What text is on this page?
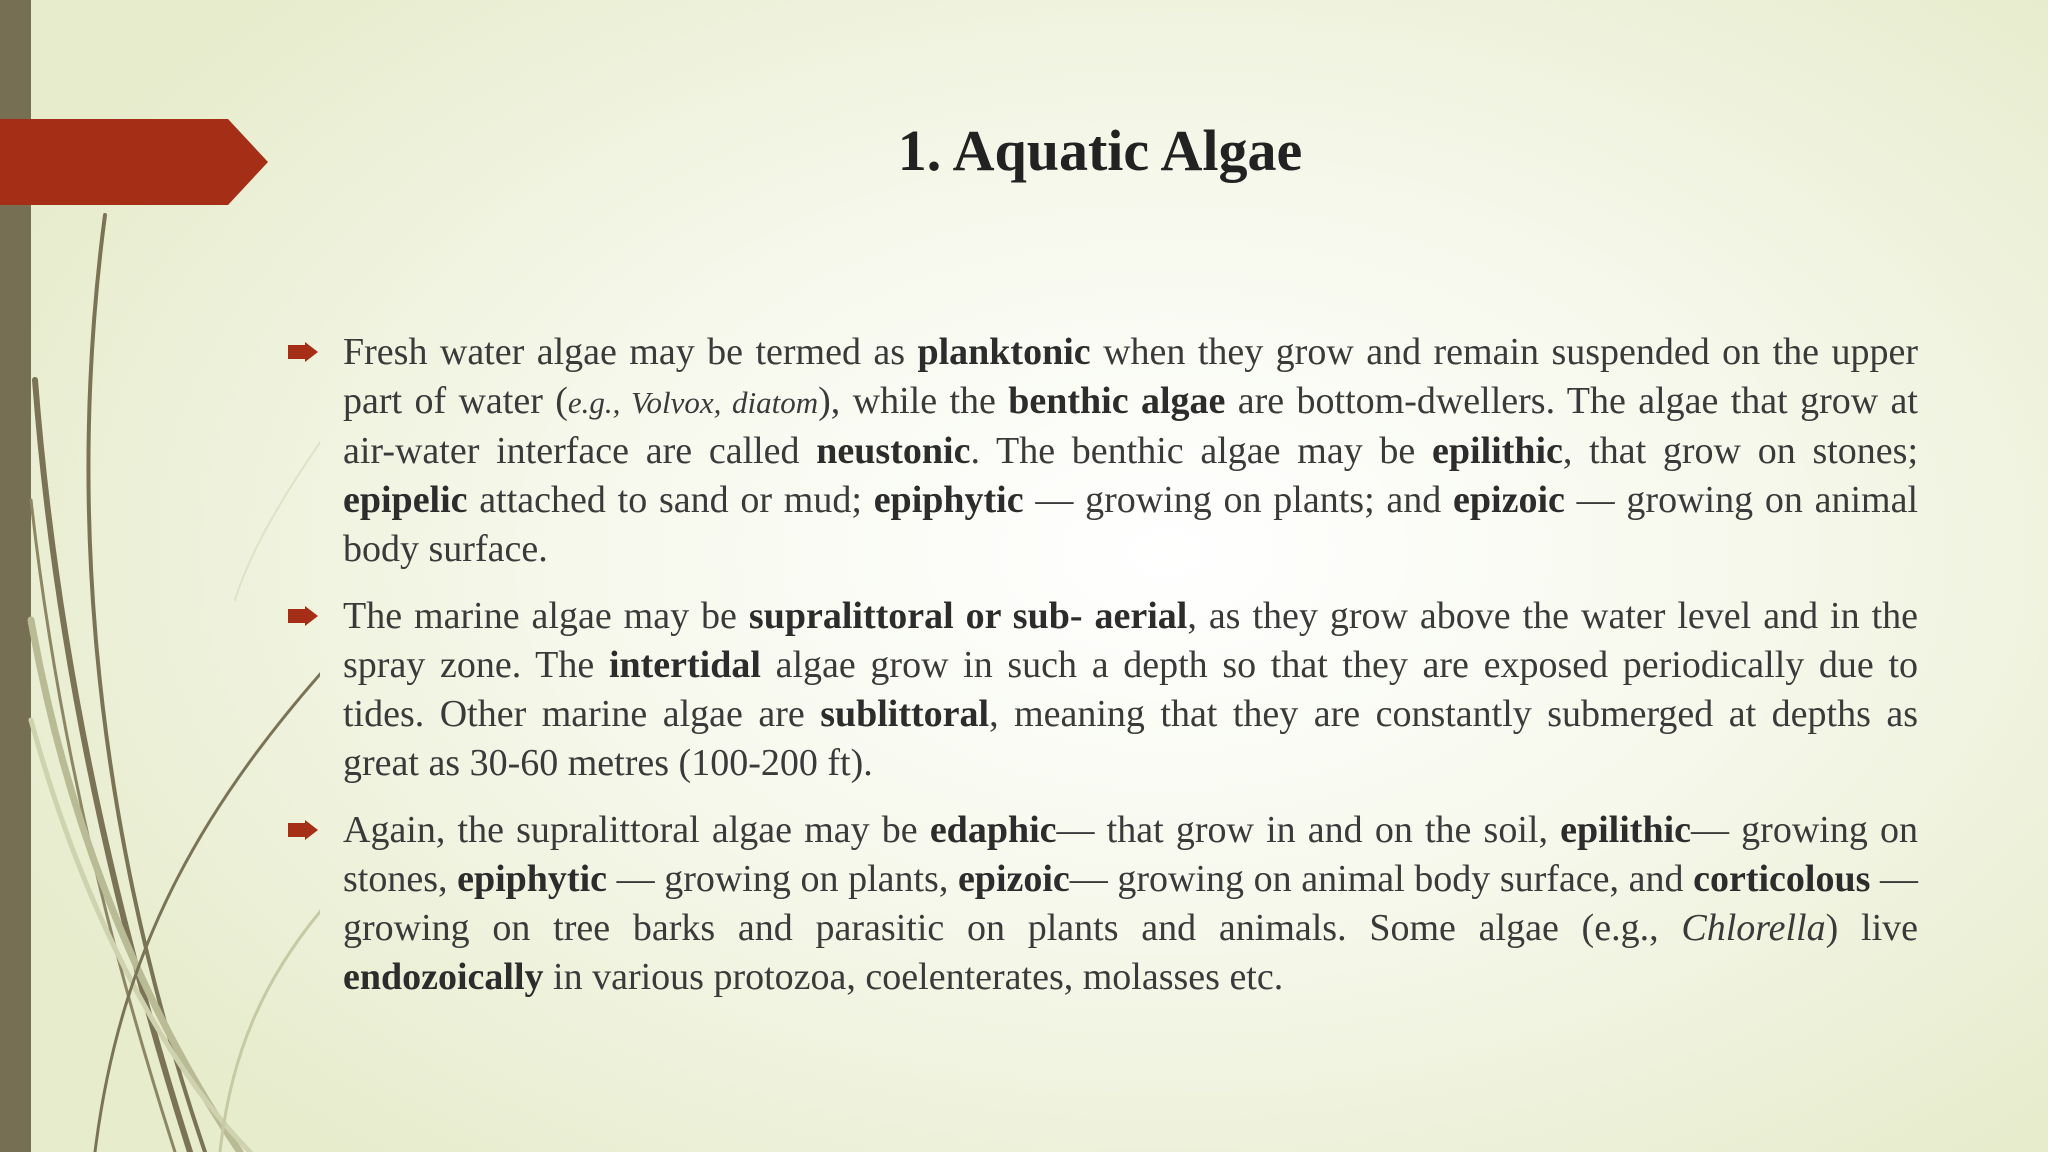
1. Aquatic Algae

Fresh water algae may be termed as planktonic when they grow and remain suspended on the upper part of water (e.g., Volvox, diatom), while the benthic algae are bottom-dwellers. The algae that grow at air-water interface are called neustonic. The benthic algae may be epilithic, that grow on stones; epipelic attached to sand or mud; epiphytic — growing on plants; and epizoic — growing on animal body surface.

The marine algae may be supralittoral or sub- aerial, as they grow above the water level and in the spray zone. The intertidal algae grow in such a depth so that they are exposed periodically due to tides. Other marine algae are sublittoral, meaning that they are constantly submerged at depths as great as 30-60 metres (100-200 ft).

Again, the supralittoral algae may be edaphic— that grow in and on the soil, epilithic— growing on stones, epiphytic — growing on plants, epizoic— growing on animal body surface, and corticolous — growing on tree barks and parasitic on plants and animals. Some algae (e.g., Chlorella) live endozoically in various protozoa, coelenterates, molasses etc.
